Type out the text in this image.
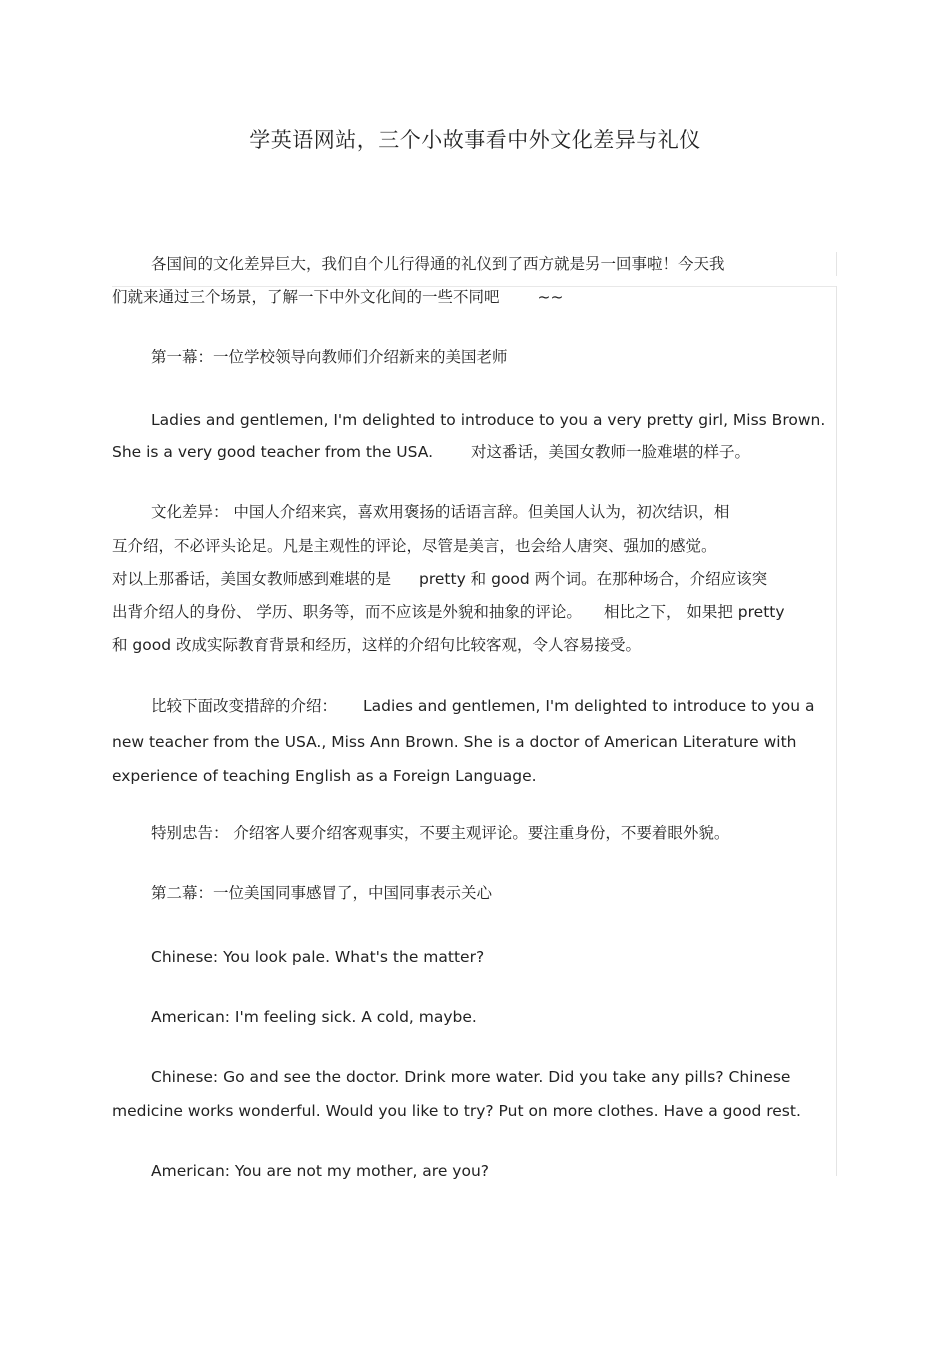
学英语网站，三个小故事看中外文化差异与礼仪
各国间的文化差异巨大，我们自个儿行得通的礼仪到了西方就是另一回事啦！今天我
们就来通过三个场景，了解一下中外文化间的一些不同吧 ~~
第一幕：一位学校领导向教师们介绍新来的美国老师
Ladies and gentlemen, I'm delighted to introduce to you a very pretty girl, Miss Brown.
She is a very good teacher from the USA. 对这番话，美国女教师一脸难堪的样子。
文化差异： 中国人介绍来宾，喜欢用褒扬的话语言辞。但美国人认为，初次结识，相
互介绍，不必评头论足。凡是主观性的评论，尽管是美言，也会给人唐突、强加的感觉。
对以上那番话，美国女教师感到难堪的是 pretty 和 good 两个词。在那种场合，介绍应该突
出背介绍人的身份、 学历、职务等，而不应该是外貌和抽象的评论。 相比之下， 如果把 pretty
和 good 改成实际教育背景和经历，这样的介绍句比较客观，令人容易接受。
比较下面改变措辞的介绍： Ladies and gentlemen, I'm delighted to introduce to you a
new teacher from the USA., Miss Ann Brown. She is a doctor of American Literature with
experience of teaching English as a Foreign Language.
特别忠告： 介绍客人要介绍客观事实，不要主观评论。要注重身份，不要着眼外貌。
第二幕：一位美国同事感冒了，中国同事表示关心
Chinese: You look pale. What's the matter?
American: I'm feeling sick. A cold, maybe.
Chinese: Go and see the doctor. Drink more water. Did you take any pills? Chinese
medicine works wonderful. Would you like to try? Put on more clothes. Have a good rest.
American: You are not my mother, are you?
